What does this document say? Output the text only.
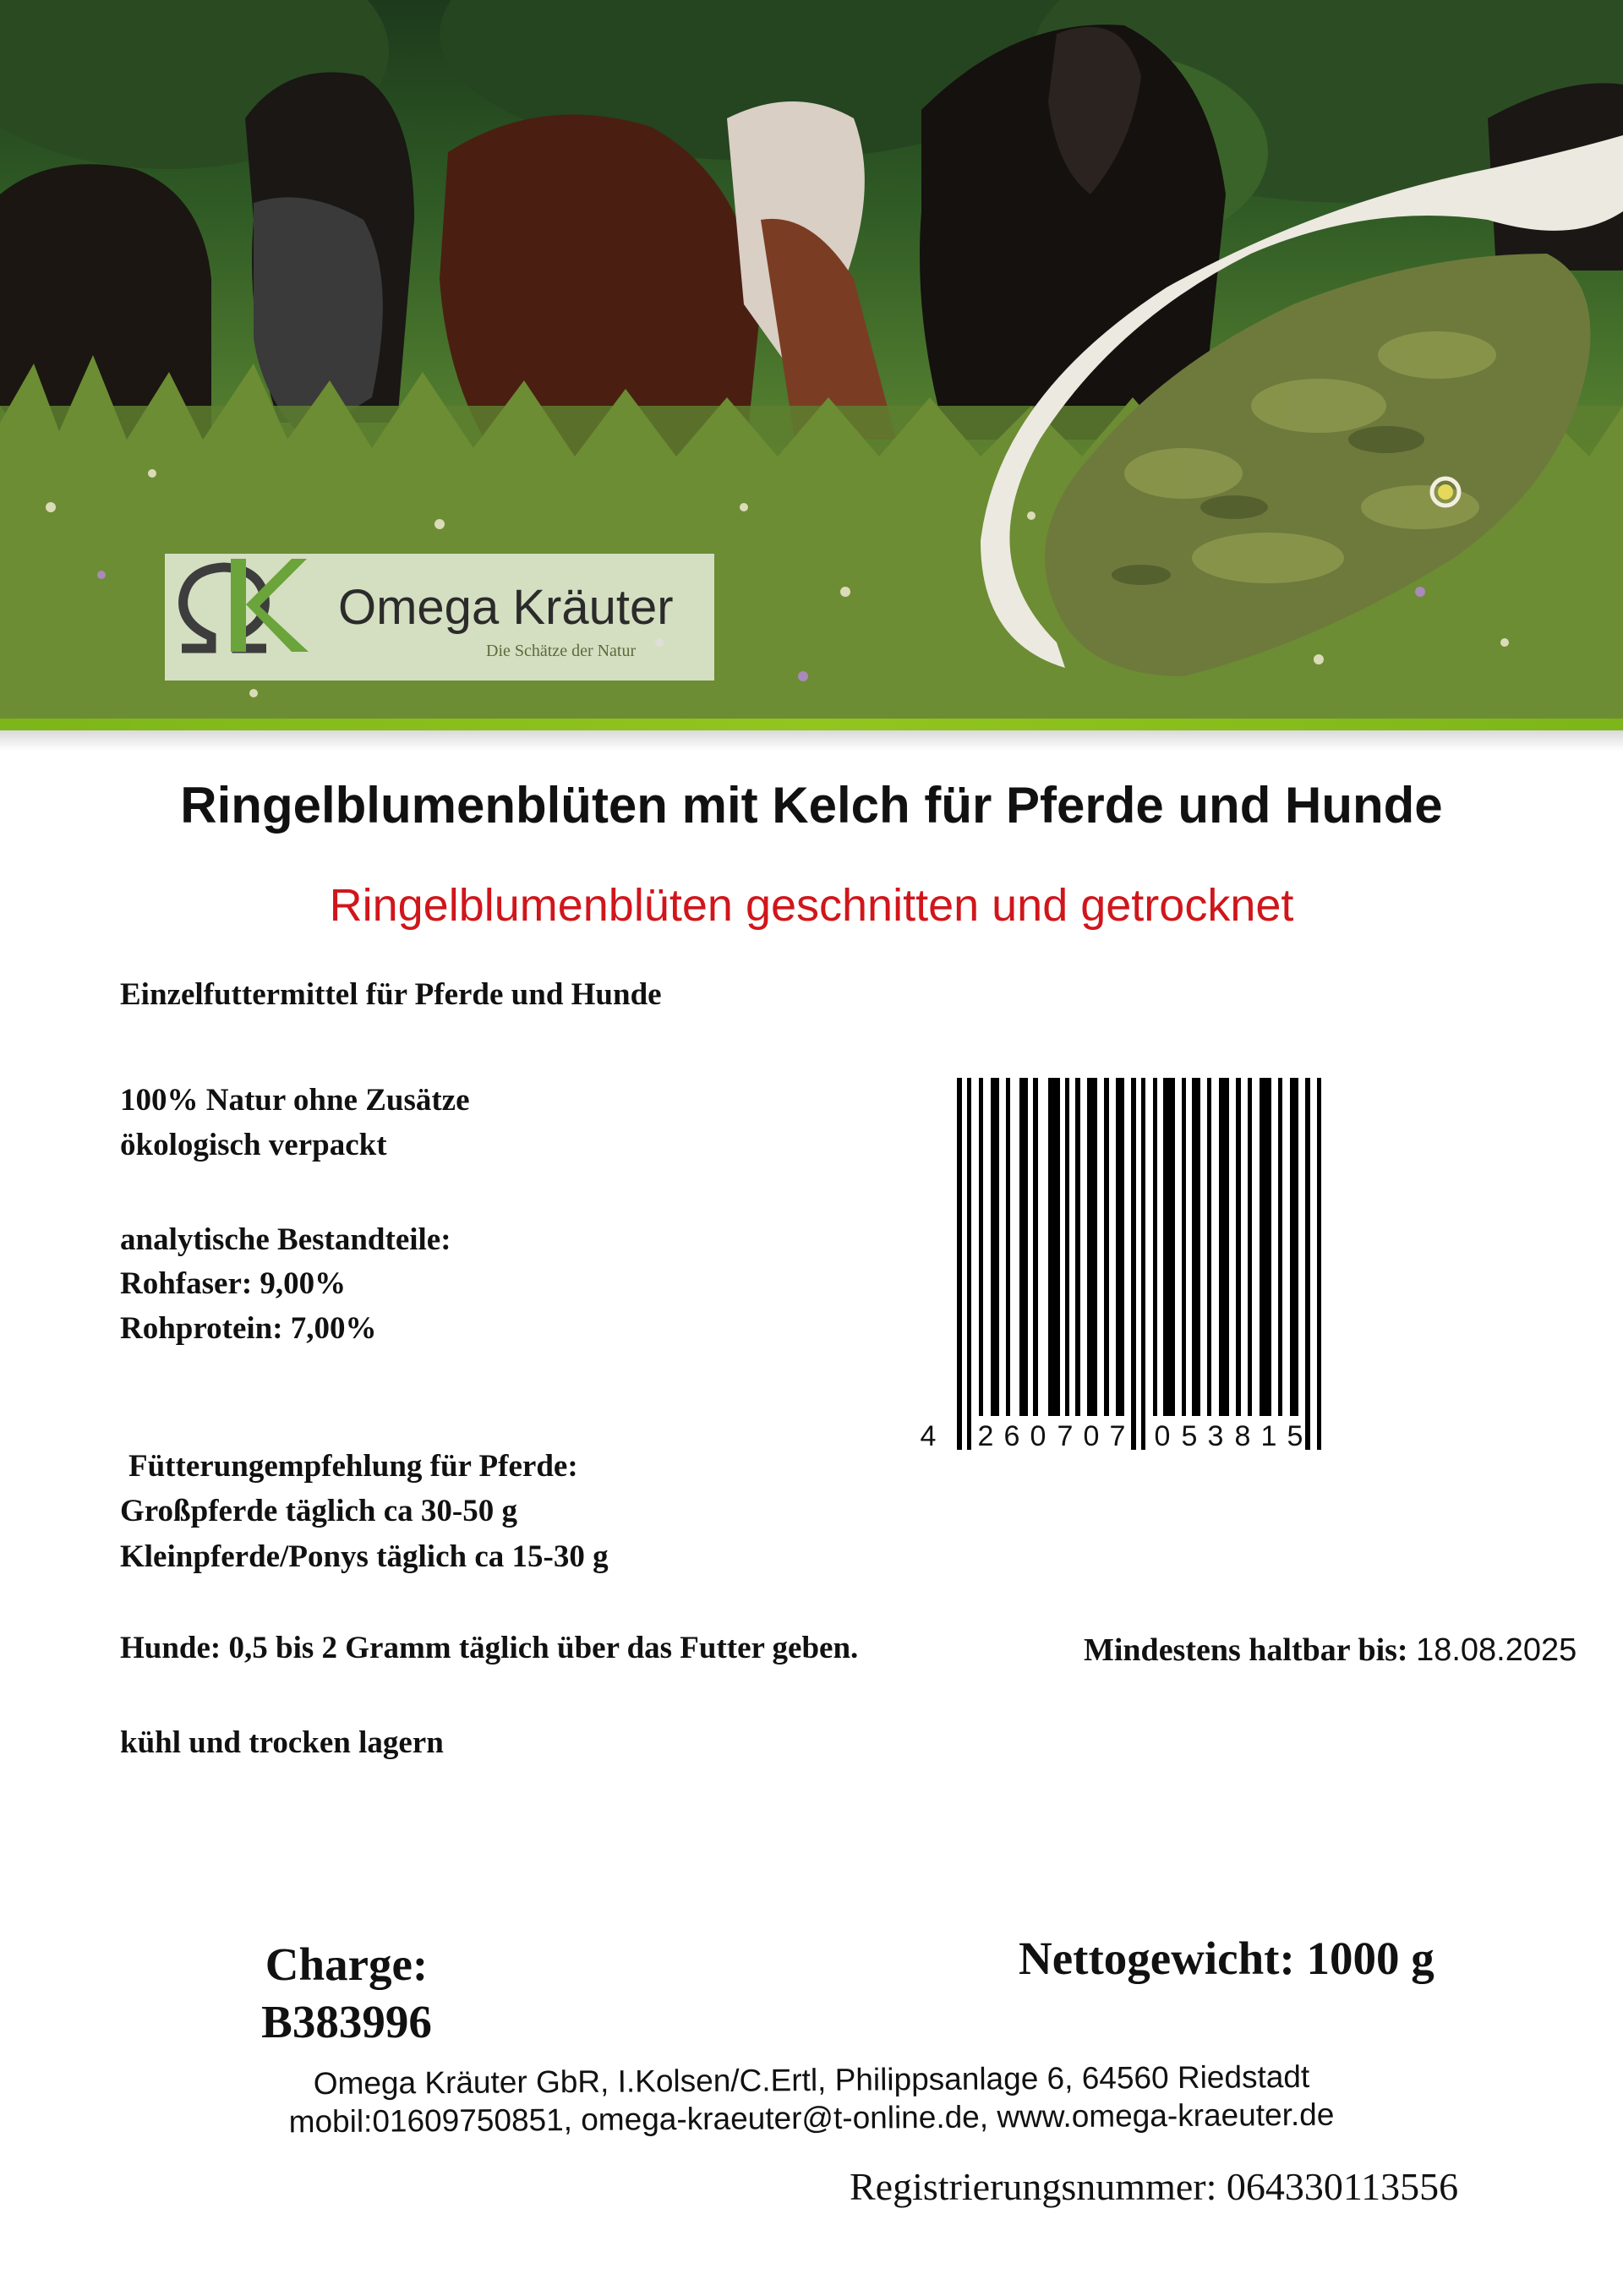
Omega Kräuter
Die Schätze der Natur
Ringelblumenblüten mit Kelch für Pferde und Hunde
Ringelblumenblüten geschnitten und getrocknet
Einzelfuttermittel für Pferde und Hunde
100% Natur ohne Zusätze
ökologisch verpackt
analytische Bestandteile:
Rohfaser: 9,00%
Rohprotein: 7,00%
Fütterungempfehlung für Pferde:
Großpferde täglich ca 30-50 g
Kleinpferde/Ponys täglich ca 15-30 g
Hunde: 0,5 bis 2 Gramm täglich über das Futter geben.
kühl und trocken lagern
4 2 6 0 7 0 7 0 5 3 8 1 5
Mindestens haltbar bis: 18.08.2025
Charge:
B383996
Nettogewicht: 1000 g
Omega Kräuter GbR, I.Kolsen/C.Ertl, Philippsanlage 6, 64560 Riedstadt
mobil:01609750851, omega-kraeuter@t-online.de, www.omega-kraeuter.de
Registrierungsnummer: 064330113556
